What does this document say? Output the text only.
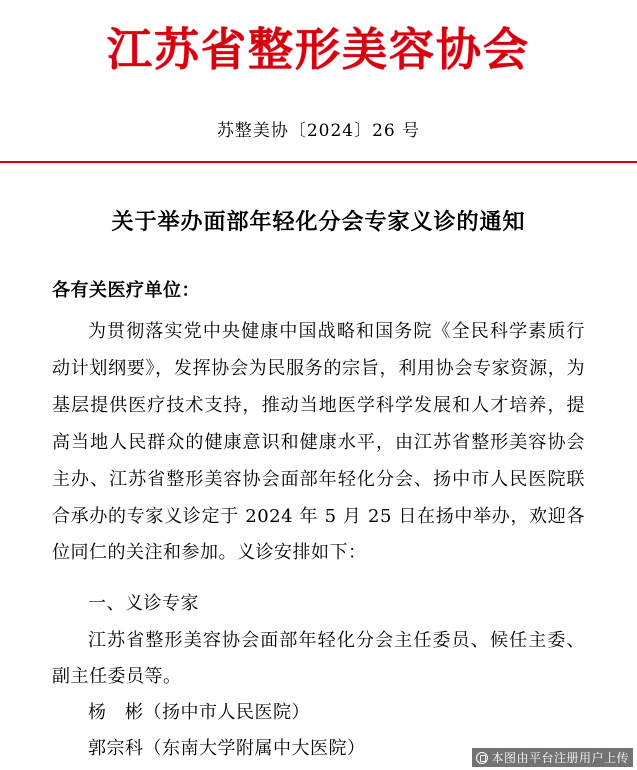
江苏省整形美容协会
苏整美协〔2024〕26 号
关于举办面部年轻化分会专家义诊的通知
各有关医疗单位：

为贯彻落实党中央健康中国战略和国务院《全民科学素质行动计划纲要》，发挥协会为民服务的宗旨，利用协会专家资源，为基层提供医疗技术支持，推动当地医学科学发展和人才培养，提高当地人民群众的健康意识和健康水平，由江苏省整形美容协会主办、江苏省整形美容协会面部年轻化分会、扬中市人民医院联合承办的专家义诊定于 2024 年 5 月 25 日在扬中举办，欢迎各位同仁的关注和参加。义诊安排如下：

一、义诊专家

江苏省整形美容协会面部年轻化分会主任委员、候任主委、副主任委员等。

杨　彬（扬中市人民医院）

郭宗科（东南大学附属中大医院）	本图由平台注册用户上传
